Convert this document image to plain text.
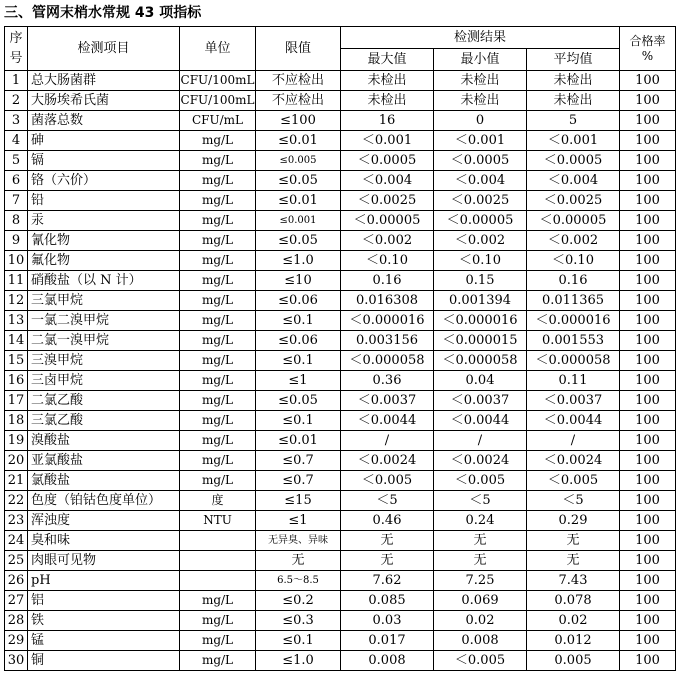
三、管网末梢水常规 43 项指标
序号	检测项目	单位	限值	检测结果			合格率
%

				最大值	最小值	平均值	
1	总大肠菌群	CFU/100mL	不应检出	未检出	未检出	未检出	100
2	大肠埃希氏菌	CFU/100mL	不应检出	未检出	未检出	未检出	100
3	菌落总数	CFU/mL	≤100	16	0	5	100
4	砷	mg/L	≤0.01	＜0.001	＜0.001	＜0.001	100
5	镉	mg/L	≤0.005	＜0.0005	＜0.0005	＜0.0005	100
6	铬（六价）	mg/L	≤0.05	＜0.004	＜0.004	＜0.004	100
7	铅	mg/L	≤0.01	＜0.0025	＜0.0025	＜0.0025	100
8	汞	mg/L	≤0.001	＜0.00005	＜0.00005	＜0.00005	100
9	氰化物	mg/L	≤0.05	＜0.002	＜0.002	＜0.002	100
10	氟化物	mg/L	≤1.0	＜0.10	＜0.10	＜0.10	100
11	硝酸盐（以 N 计）	mg/L	≤10	0.16	0.15	0.16	100
12	三氯甲烷	mg/L	≤0.06	0.016308	0.001394	0.011365	100
13	一氯二溴甲烷	mg/L	≤0.1	＜0.000016	＜0.000016	＜0.000016	100
14	二氯一溴甲烷	mg/L	≤0.06	0.003156	＜0.000015	0.001553	100
15	三溴甲烷	mg/L	≤0.1	＜0.000058	＜0.000058	＜0.000058	100
16	三卤甲烷	mg/L	≤1	0.36	0.04	0.11	100
17	二氯乙酸	mg/L	≤0.05	＜0.0037	＜0.0037	＜0.0037	100
18	三氯乙酸	mg/L	≤0.1	＜0.0044	＜0.0044	＜0.0044	100
19	溴酸盐	mg/L	≤0.01	/	/	/	100
20	亚氯酸盐	mg/L	≤0.7	＜0.0024	＜0.0024	＜0.0024	100
21	氯酸盐	mg/L	≤0.7	＜0.005	＜0.005	＜0.005	100
22	色度（铂钴色度单位）	度	≤15	＜5	＜5	＜5	100
23	浑浊度	NTU	≤1	0.46	0.24	0.29	100
24	臭和味		无异臭、异味	无	无	无	100
25	肉眼可见物		无	无	无	无	100
26	pH		6.5～8.5	7.62	7.25	7.43	100
27	铝	mg/L	≤0.2	0.085	0.069	0.078	100
28	铁	mg/L	≤0.3	0.03	0.02	0.02	100
29	锰	mg/L	≤0.1	0.017	0.008	0.012	100
30	铜	mg/L	≤1.0	0.008	＜0.005	0.005	100
